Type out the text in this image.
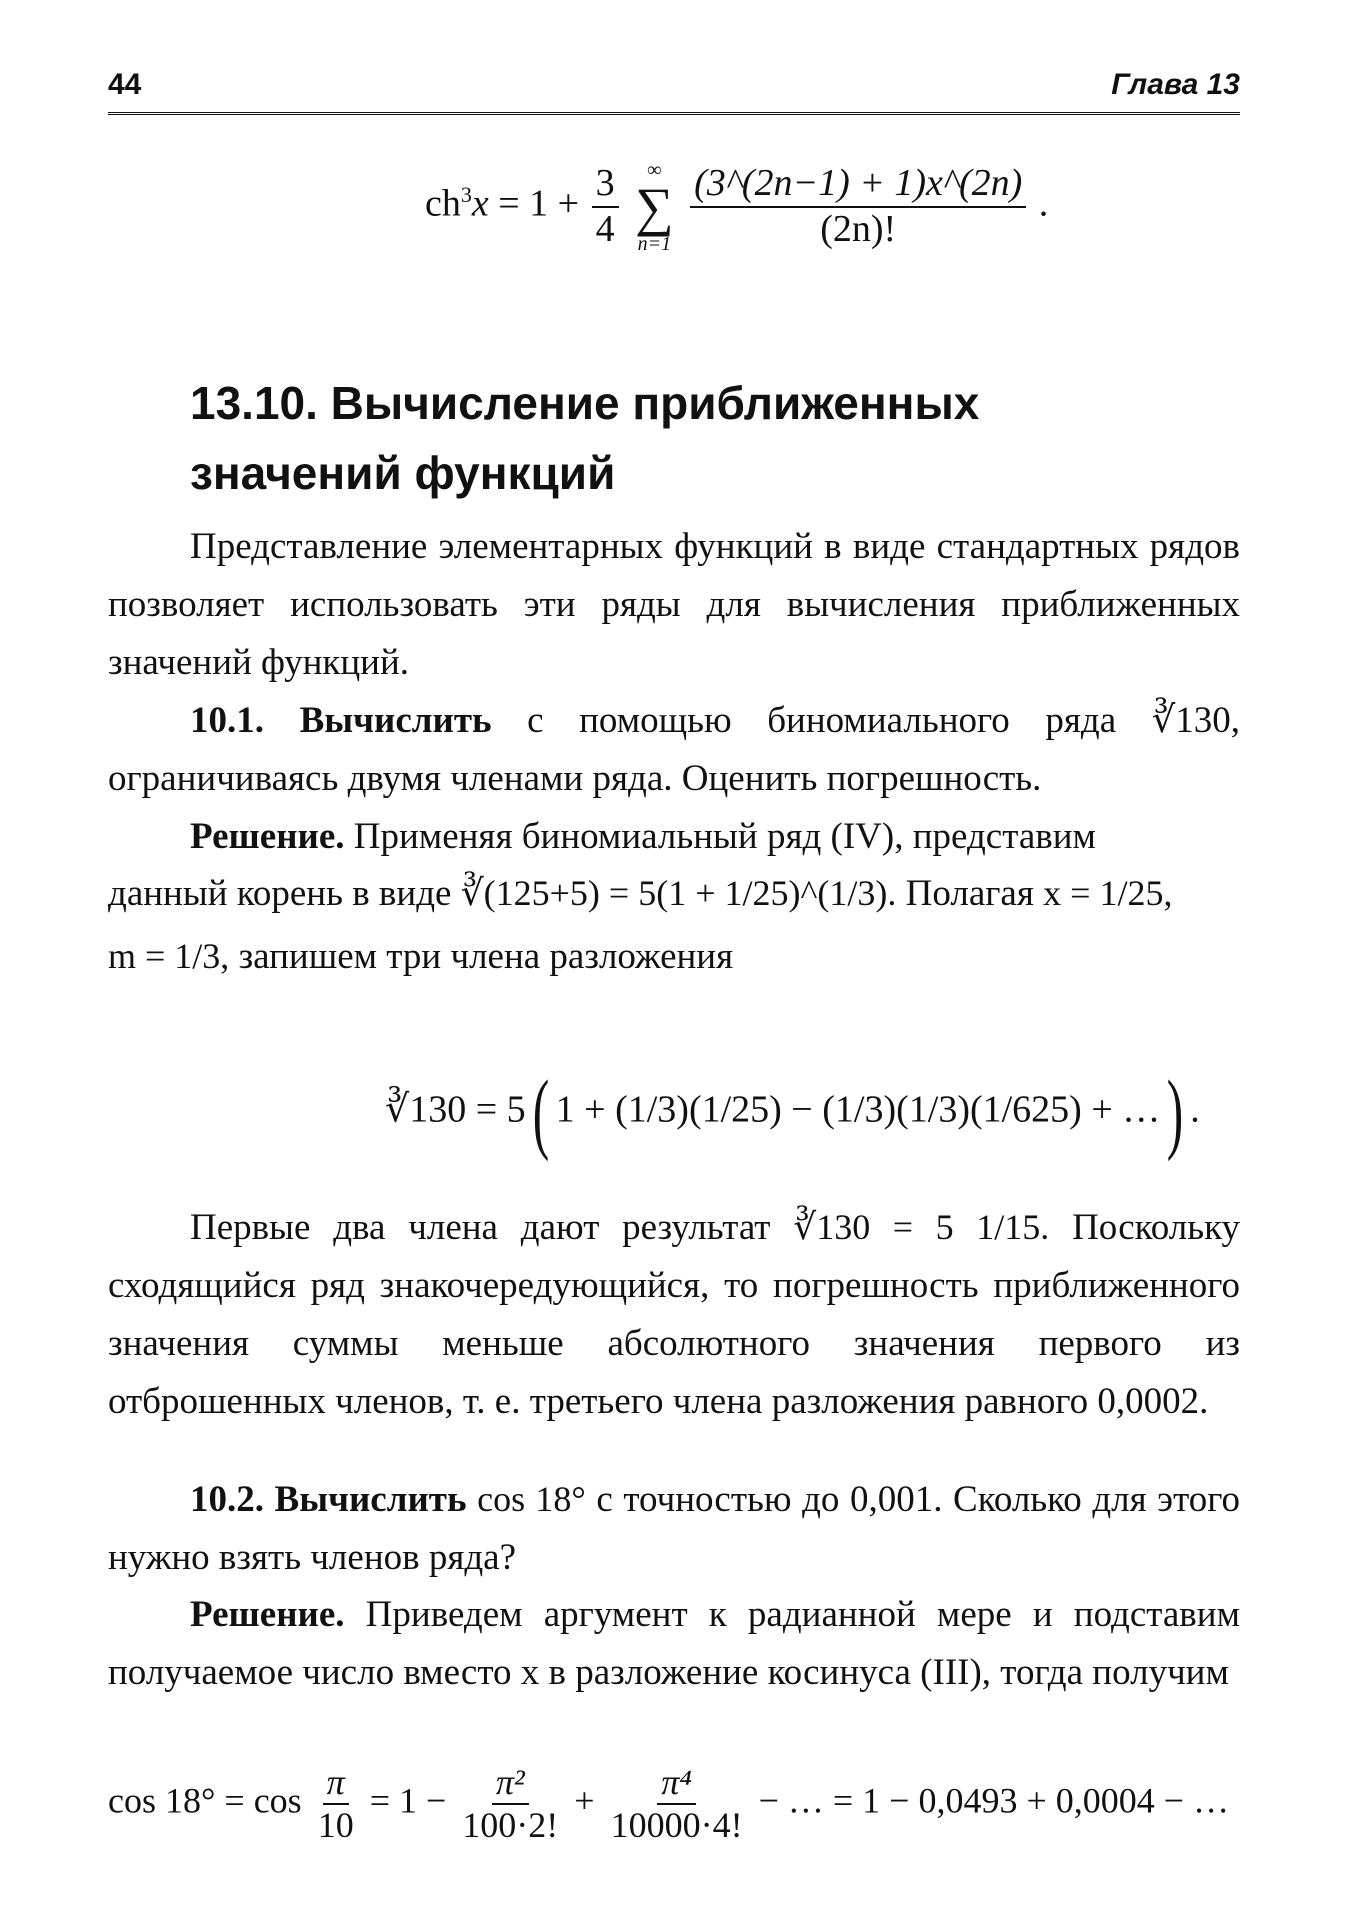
44	Глава 13
$ch^3x = 1 + \frac{3}{4}$
∞
∑
n=1
$\frac{(3\^{}(2n-1) + 1)x\^{}(2n)}{(2n)!}$ .
13.10. Вычисление приближенных значений функций
Представление элементарных функций в виде стандартных рядов позволяет использовать эти ряды для вычисления приближенных значений функций.
10.1. Вычислить с помощью биномиального ряда ∛130, ограничиваясь двумя членами ряда. Оценить погрешность.
Решение. Применяя биномиальный ряд (IV), представим
данный корень в виде ∛(125+5) = 5(1 + 1/25)^(1/3). Полагая x = 1/25,
m = 1/3, запишем три члена разложения
∛130 = 5( 1 + (1/3)(1/25) − (1/3)(1/3)(1/625) + …) .
Первые два члена дают результат ∛130 = 5 1/15. Поскольку сходящийся ряд знакочередующийся, то погрешность приближенного значения суммы меньше абсолютного значения первого из отброшенных членов, т. е. третьего члена разложения равного 0,0002.
10.2. Вычислить cos 18° с точностью до 0,001. Сколько для этого нужно взять членов ряда?
Решение. Приведем аргумент к радианной мере и подставим получаемое число вместо x в разложение косинуса (III), тогда получим
$\cos 18^\circ = \cos \frac{\pi}{10} = 1 - \frac{\text{π²}}{100\cdot 2!} + \frac{\text{π⁴}}{10000\cdot 4!}$ − … = 1 − 0,0493 + 0,0004 − …
